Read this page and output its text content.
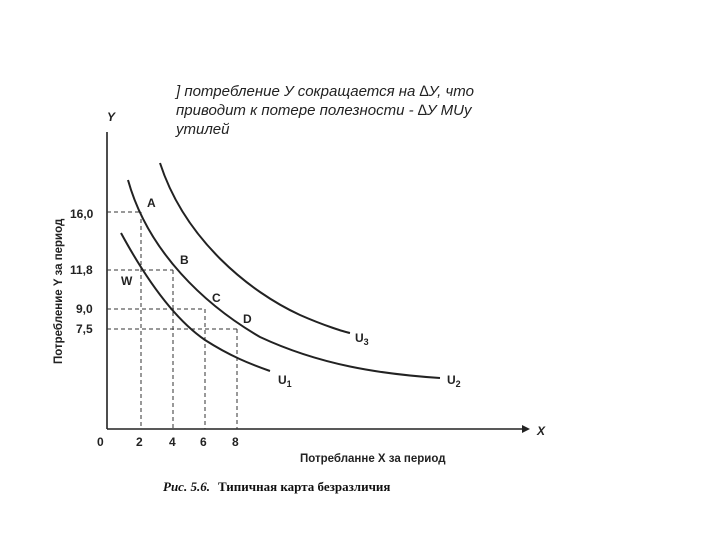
] потребление У сокращается на ∆У, что
приводит к потере полезности - ∆У MUy
утилей
Y
X
0
Потребление Y за период
Потребланне X за период
2 4 6 8
16,0
11,8
9,0
7,5
A
B
C
D
W
$U_1$	$U_2$
$U_3$
Рис. 5.6. Типичная карта безразличия
